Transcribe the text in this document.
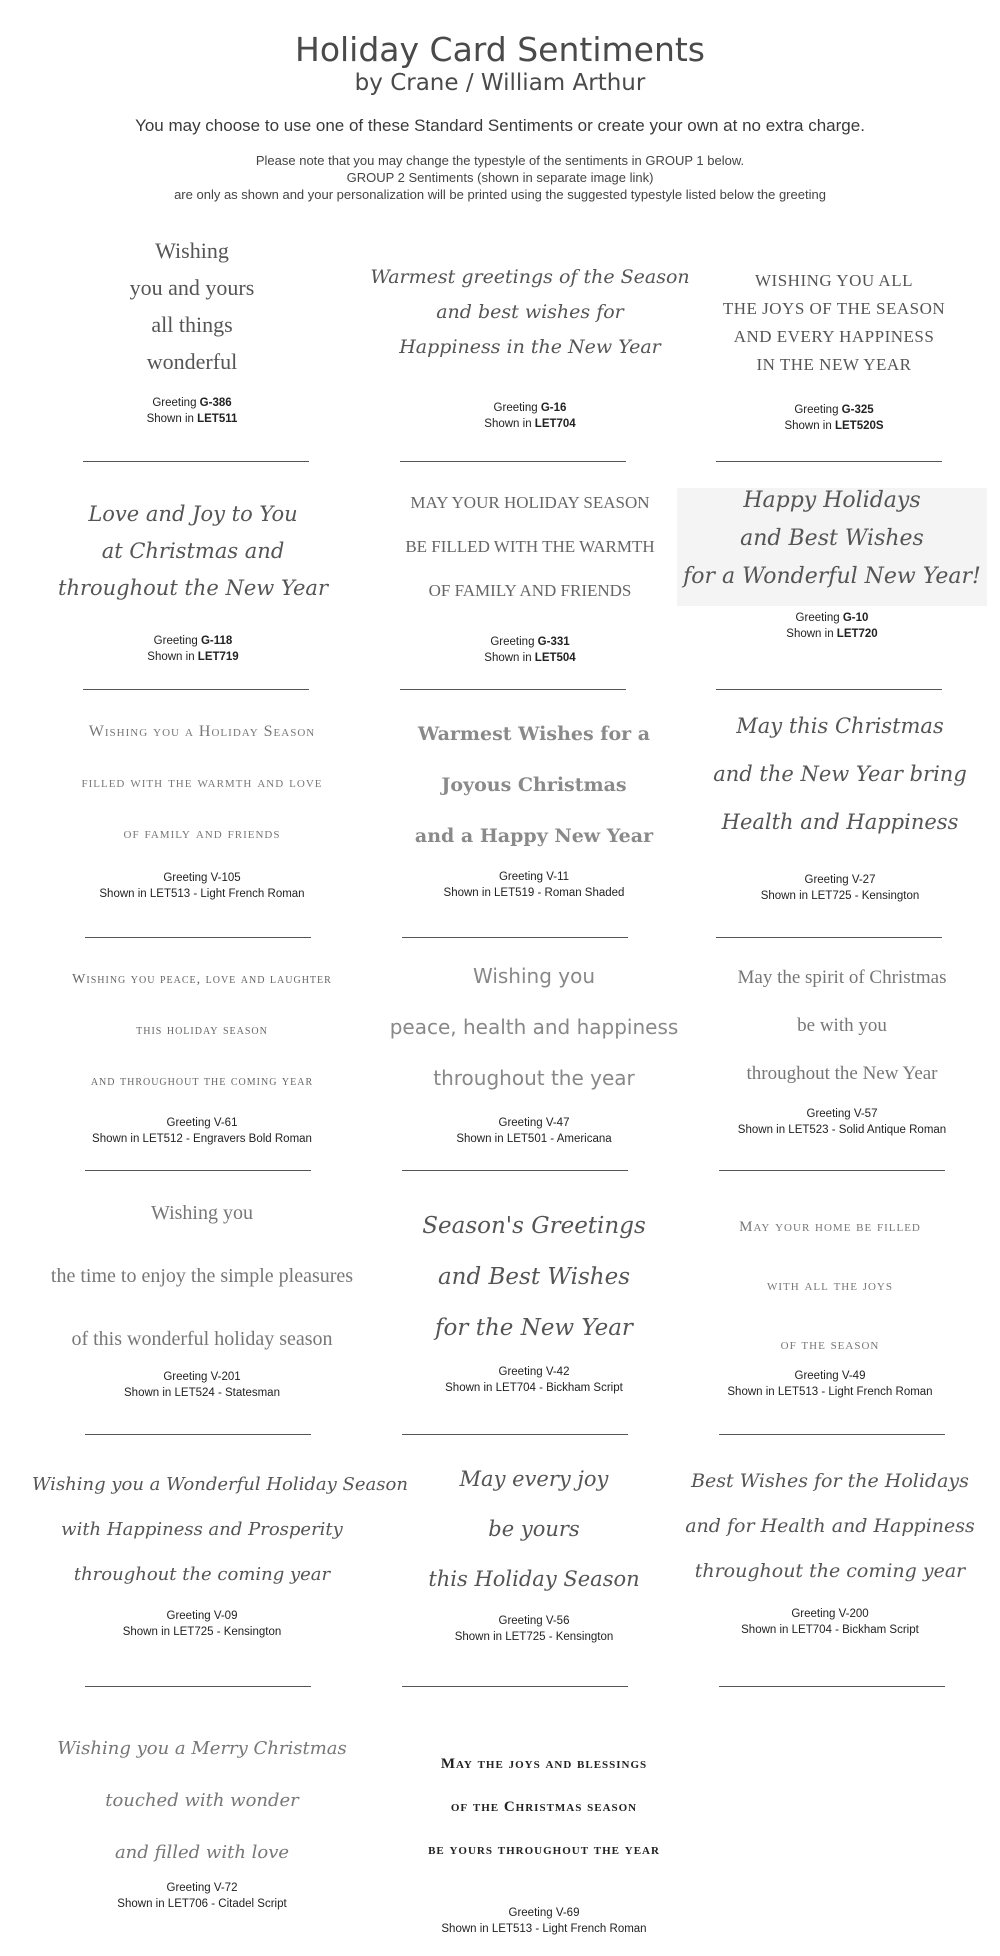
Holiday Card Sentiments
by Crane / William Arthur
You may choose to use one of these Standard Sentiments or create your own at no extra charge.
Please note that you may change the typestyle of the sentiments in GROUP 1 below.
GROUP 2 Sentiments (shown in separate image link)
are only as shown and your personalization will be printed using the suggested typestyle listed below the greeting
Wishing
you and yours
all things
wonderful

Greeting G-386

Shown in LET511

Warmest greetings of the Season
and best wishes for
Happiness in the New Year

Greeting G-16

Shown in LET704

WISHING YOU ALL
THE JOYS OF THE SEASON
AND EVERY HAPPINESS
IN THE NEW YEAR

Greeting G-325

Shown in LET520S

Love and Joy to You
at Christmas and
throughout the New Year

Greeting G-118

Shown in LET719

MAY YOUR HOLIDAY SEASON
BE FILLED WITH THE WARMTH
OF FAMILY AND FRIENDS

Greeting G-331

Shown in LET504

Happy Holidays
and Best Wishes
for a Wonderful New Year!

Greeting G-10

Shown in LET720

Wishing you a Holiday Season
filled with the warmth and love
of family and friends

Greeting V-105

Shown in LET513 - Light French Roman

Warmest Wishes for a
Joyous Christmas
and a Happy New Year

Greeting V-11

Shown in LET519 - Roman Shaded

May this Christmas
and the New Year bring
Health and Happiness

Greeting V-27

Shown in LET725 - Kensington

Wishing you peace, love and laughter
this holiday season
and throughout the coming year

Greeting V-61

Shown in LET512 - Engravers Bold Roman

Wishing you
peace, health and happiness
throughout the year

Greeting V-47

Shown in LET501 - Americana

May the spirit of Christmas
be with you
throughout the New Year

Greeting V-57

Shown in LET523 - Solid Antique Roman

Wishing you
the time to enjoy the simple pleasures
of this wonderful holiday season

Greeting V-201

Shown in LET524 - Statesman

Season's Greetings
and Best Wishes
for the New Year

Greeting V-42

Shown in LET704 - Bickham Script

May your home be filled
with all the joys
of the season

Greeting V-49

Shown in LET513 - Light French Roman

Wishing you a Wonderful Holiday Season
with Happiness and Prosperity
throughout the coming year

Greeting V-09

Shown in LET725 - Kensington

May every joy
be yours
this Holiday Season

Greeting V-56

Shown in LET725 - Kensington

Best Wishes for the Holidays
and for Health and Happiness
throughout the coming year

Greeting V-200

Shown in LET704 - Bickham Script

Wishing you a Merry Christmas
touched with wonder
and filled with love

Greeting V-72

Shown in LET706 - Citadel Script

May the joys and blessings
of the Christmas season
be yours throughout the year

Greeting V-69

Shown in LET513 - Light French Roman
